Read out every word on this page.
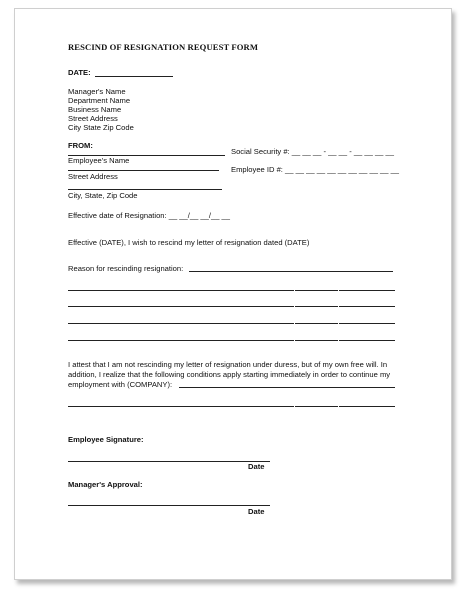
RESCIND OF RESIGNATION REQUEST FORM
DATE:
Manager's Name
Department Name
Business Name
Street Address
City State Zip Code
FROM:
Employee's Name
Social Security #: __ __ __ - __ __ - __ __ __ __
Employee ID #: __ __ __ __ __ __ __ __ __ __ __
Street Address
City, State, Zip Code
Effective date of Resignation: __ __/__ __/__ __
Effective (DATE), I wish to rescind my letter of resignation dated (DATE)
Reason for rescinding resignation:
I attest that I am not rescinding my letter of resignation under duress, but of my own free will. In
addition, I realize that the following conditions apply starting immediately in order to continue my
employment with (COMPANY):
Employee Signature:
Date
Manager's Approval:
Date
